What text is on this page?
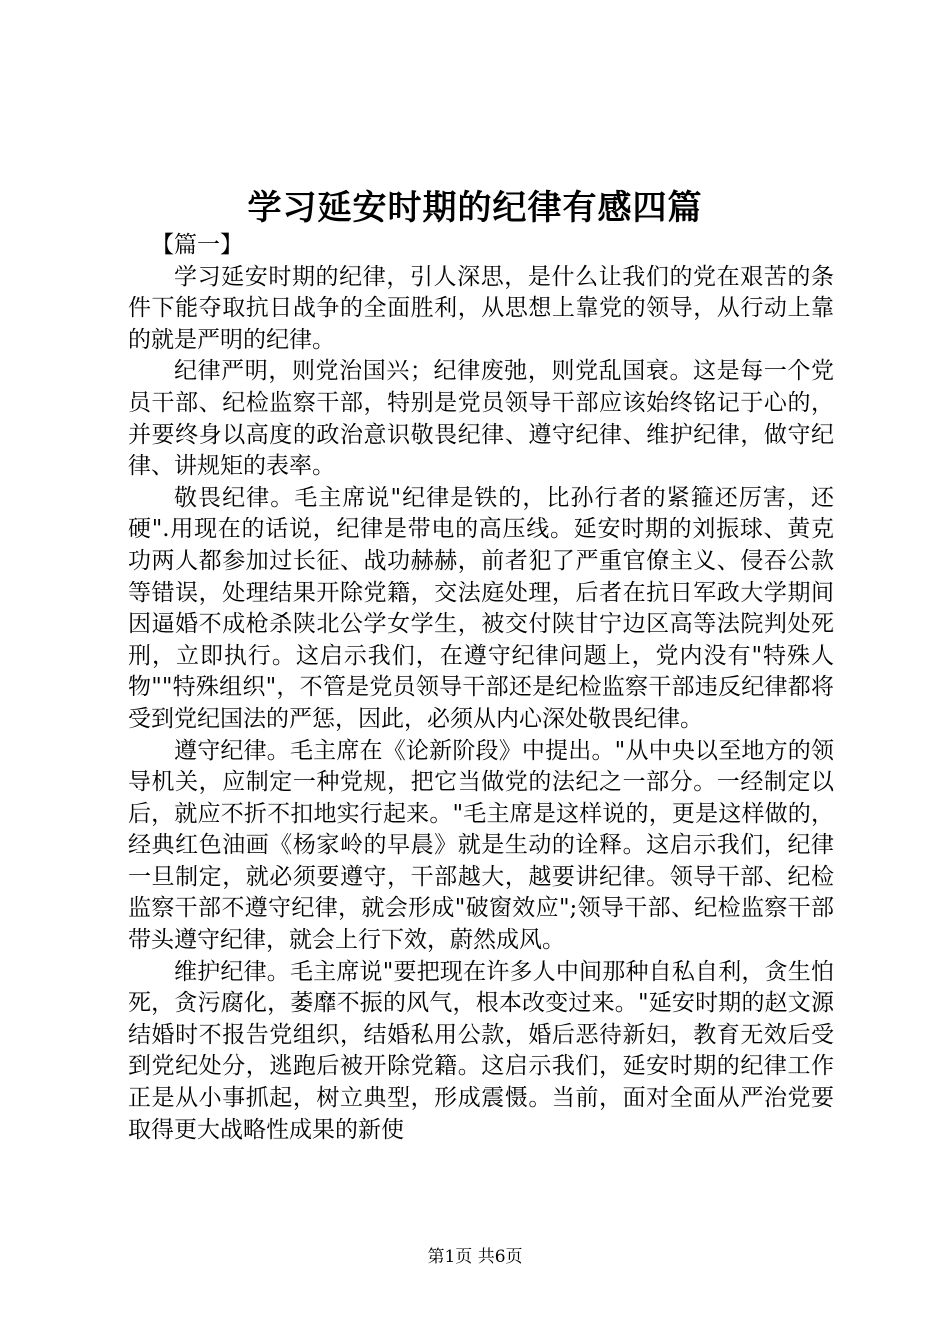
学习延安时期的纪律有感四篇

【篇一】

学习延安时期的纪律，引人深思，是什么让我们的党在艰苦的条件下能夺取抗日战争的全面胜利，从思想上靠党的领导，从行动上靠的就是严明的纪律。

纪律严明，则党治国兴；纪律废弛，则党乱国衰。这是每一个党员干部、纪检监察干部，特别是党员领导干部应该始终铭记于心的，并要终身以高度的政治意识敬畏纪律、遵守纪律、维护纪律，做守纪律、讲规矩的表率。

敬畏纪律。毛主席说"纪律是铁的，比孙行者的紧箍还厉害，还硬".用现在的话说，纪律是带电的高压线。延安时期的刘振球、黄克功两人都参加过长征、战功赫赫，前者犯了严重官僚主义、侵吞公款等错误，处理结果开除党籍，交法庭处理，后者在抗日军政大学期间因逼婚不成枪杀陕北公学女学生，被交付陕甘宁边区高等法院判处死刑，立即执行。这启示我们，在遵守纪律问题上，党内没有"特殊人物""特殊组织"，不管是党员领导干部还是纪检监察干部违反纪律都将受到党纪国法的严惩，因此，必须从内心深处敬畏纪律。

遵守纪律。毛主席在《论新阶段》中提出。"从中央以至地方的领导机关，应制定一种党规，把它当做党的法纪之一部分。一经制定以后，就应不折不扣地实行起来。"毛主席是这样说的，更是这样做的，经典红色油画《杨家岭的早晨》就是生动的诠释。这启示我们，纪律一旦制定，就必须要遵守，干部越大，越要讲纪律。领导干部、纪检监察干部不遵守纪律，就会形成"破窗效应";领导干部、纪检监察干部带头遵守纪律，就会上行下效，蔚然成风。

维护纪律。毛主席说"要把现在许多人中间那种自私自利，贪生怕死，贪污腐化，萎靡不振的风气，根本改变过来。"延安时期的赵文源结婚时不报告党组织，结婚私用公款，婚后恶待新妇，教育无效后受到党纪处分，逃跑后被开除党籍。这启示我们，延安时期的纪律工作正是从小事抓起，树立典型，形成震慑。当前，面对全面从严治党要取得更大战略性成果的新使

第1页 共6页
